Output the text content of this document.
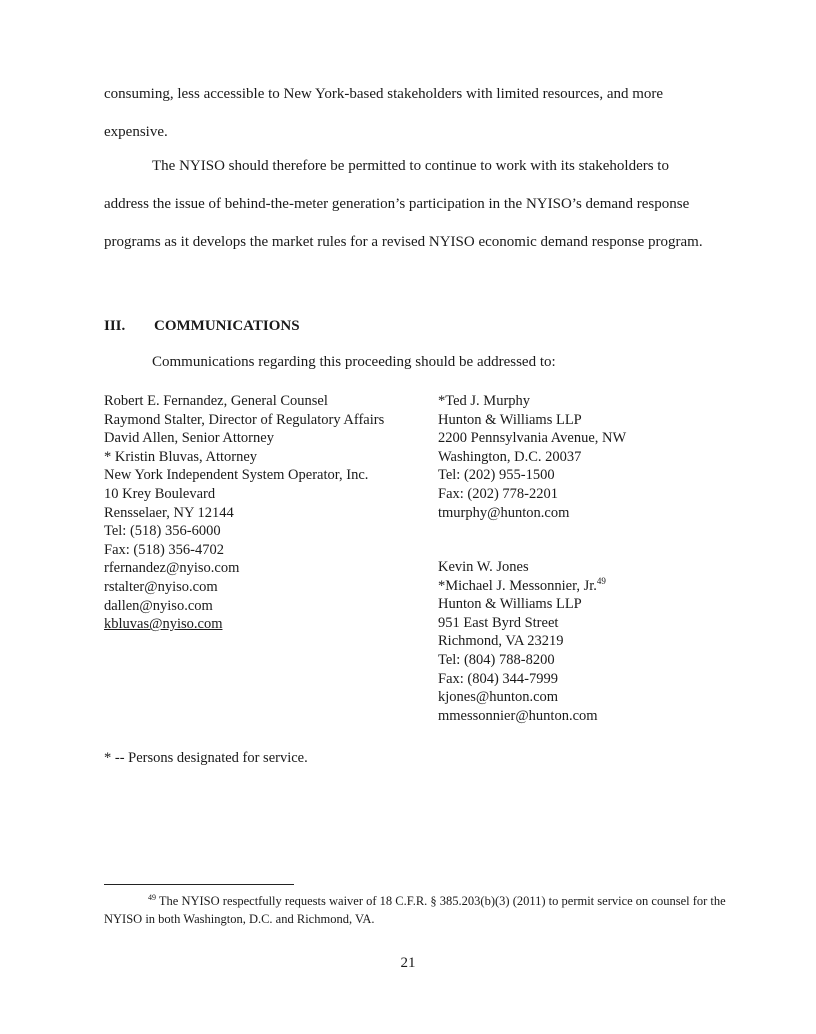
consuming, less accessible to New York-based stakeholders with limited resources, and more expensive.

The NYISO should therefore be permitted to continue to work with its stakeholders to address the issue of behind-the-meter generation’s participation in the NYISO’s demand response programs as it develops the market rules for a revised NYISO economic demand response program.

III.	COMMUNICATIONS

Communications regarding this proceeding should be addressed to:

Robert E. Fernandez, General Counsel
Raymond Stalter, Director of Regulatory Affairs
David Allen, Senior Attorney
* Kristin Bluvas, Attorney
New York Independent System Operator, Inc.
10 Krey Boulevard
Rensselaer, NY 12144
Tel: (518) 356-6000
Fax: (518) 356-4702
rfernandez@nyiso.com
rstalter@nyiso.com
dallen@nyiso.com
kbluvas@nyiso.com
*Ted J. Murphy
Hunton & Williams LLP
2200 Pennsylvania Avenue, NW
Washington, D.C. 20037
Tel: (202) 955-1500
Fax: (202) 778-2201
tmurphy@hunton.com
Kevin W. Jones
*Michael J. Messonnier, Jr.$^{49}$
Hunton & Williams LLP
951 East Byrd Street
Richmond, VA 23219
Tel: (804) 788-8200
Fax: (804) 344-7999
kjones@hunton.com
mmessonnier@hunton.com

* -- Persons designated for service.

$^{49}$ The NYISO respectfully requests waiver of 18 C.F.R. § 385.203(b)(3) (2011) to permit service on counsel for the NYISO in both Washington, D.C. and Richmond, VA.

21
